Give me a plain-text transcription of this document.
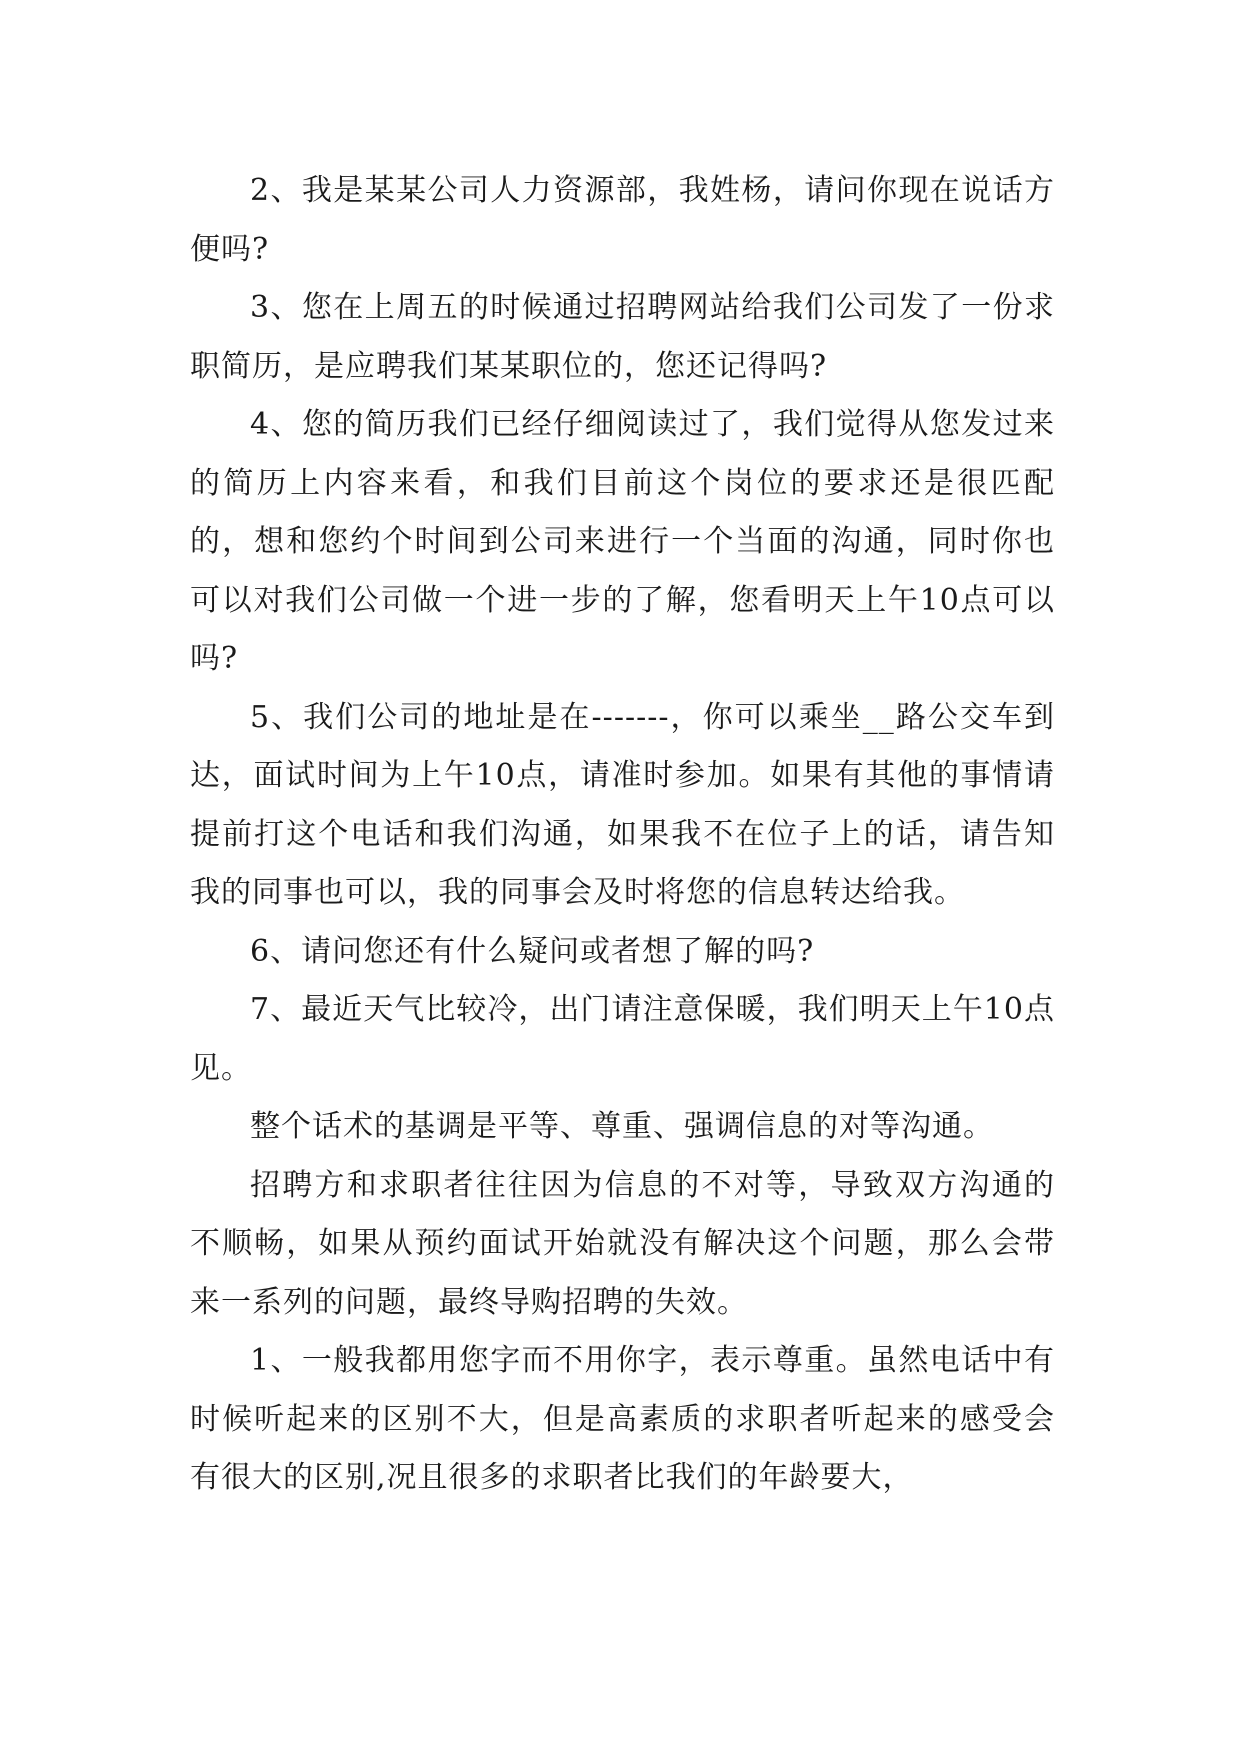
2、我是某某公司人力资源部，我姓杨，请问你现在说话方便吗?

3、您在上周五的时候通过招聘网站给我们公司发了一份求职简历，是应聘我们某某职位的，您还记得吗?

4、您的简历我们已经仔细阅读过了，我们觉得从您发过来的简历上内容来看，和我们目前这个岗位的要求还是很匹配的，想和您约个时间到公司来进行一个当面的沟通，同时你也可以对我们公司做一个进一步的了解，您看明天上午10点可以吗?

5、我们公司的地址是在-------，你可以乘坐__路公交车到达，面试时间为上午10点，请准时参加。如果有其他的事情请提前打这个电话和我们沟通，如果我不在位子上的话，请告知我的同事也可以，我的同事会及时将您的信息转达给我。

6、请问您还有什么疑问或者想了解的吗?

7、最近天气比较冷，出门请注意保暖，我们明天上午10点见。

整个话术的基调是平等、尊重、强调信息的对等沟通。

招聘方和求职者往往因为信息的不对等，导致双方沟通的不顺畅，如果从预约面试开始就没有解决这个问题，那么会带来一系列的问题，最终导购招聘的失效。

1、一般我都用您字而不用你字，表示尊重。虽然电话中有时候听起来的区别不大，但是高素质的求职者听起来的感受会有很大的区别,况且很多的求职者比我们的年龄要大，
